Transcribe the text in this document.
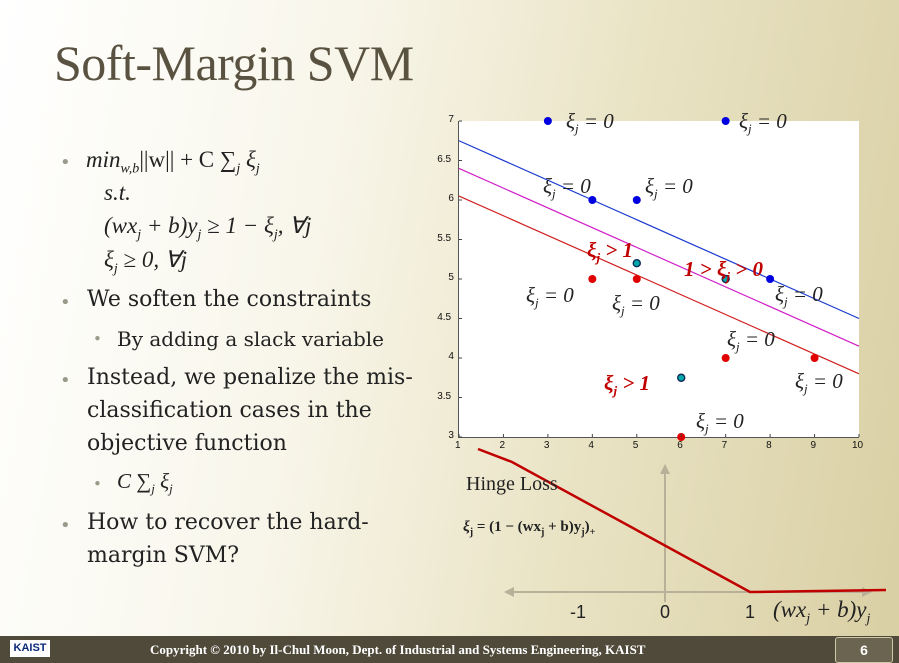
Soft-Margin SVM
• $\min_{w,b}||w|| + C$ $\sum_j$ $\xi_j$
s.t.
$(wx_j + b)y_j \ge 1 - \xi_j$, ∀j
$\xi_j \ge 0$, ∀j
• We soften the constraints
• By adding a slack variable
• Instead, we penalize the mis-
classification cases in the
objective function
• C $\sum_j$ $\xi_j$
• How to recover the hard-
margin SVM?
1	2	3	4	5	6	7	8	9	10
3
3.5
4
4.5
5
5.5
6
6.5
7	$\xi_j = 0$	$\xi_j = 0$
$\xi_j = 0$	$\xi_j = 0$
$\xi_j = 0$ $\xi_j = 0$	$\xi_j = 0$
$\xi_j = 0$
$\xi_j = 0$
$\xi_j = 0$
$\xi_j > 1$
$1 > \xi_j > 0$
$\xi_j > 1$
Hinge Loss
$\xi_j = (1 - (wx_j + b)y_j)_+$
-1	0	1 $(wx_j + b)y_j$
KAIST	Copyright © 2010 by Il-Chul Moon, Dept. of Industrial and Systems Engineering, KAIST	6
